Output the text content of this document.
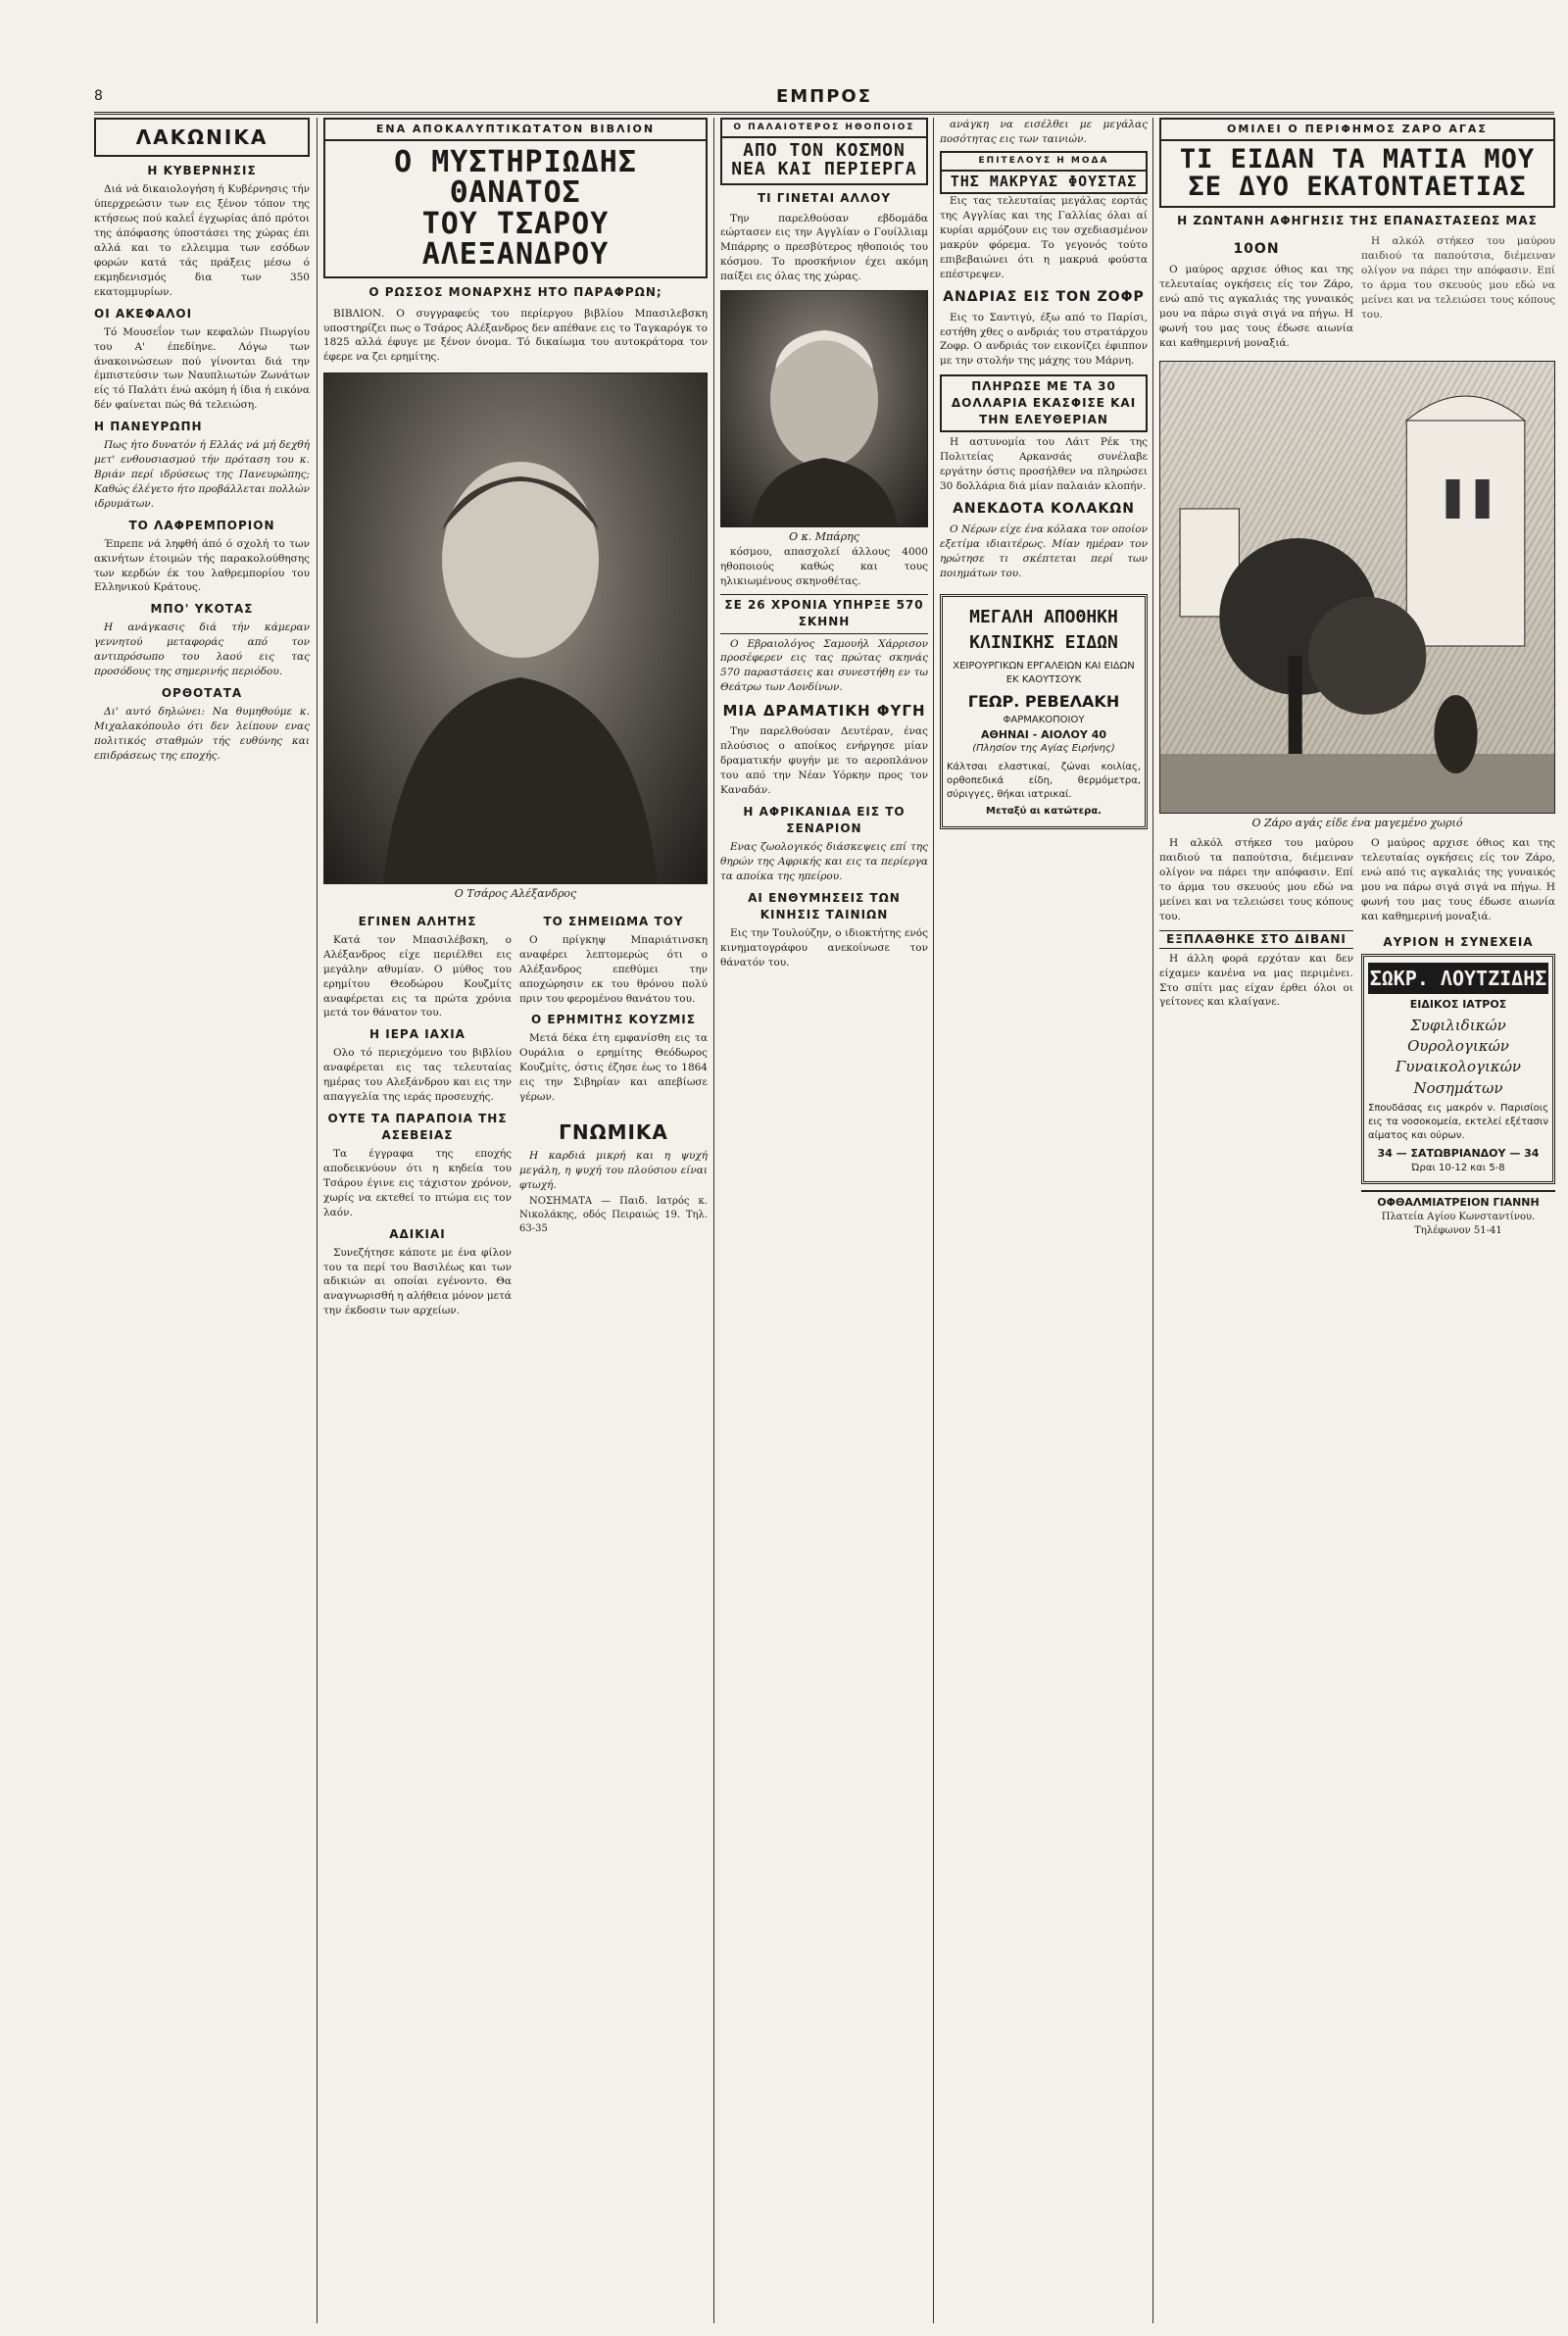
8	ΕΜΠΡΟΣ
ΛΑΚΩΝΙΚΑ
Η ΚΥΒΕΡΝΗΣΙΣ

Διά νά δικαιολογήση ή Κυβέρνησις τήν ύπερχρεώσιν των εις ξένον τόπον της κτήσεως πού καλεΐ έγχωρίας άπό πρότοι της άπόφασης ύποστάσει της χώρας έπι αλλά και το ελλειμμα των εσόδων φορών κατά τάς πράξεις μέσω ό εκμηδενισμός δια των 350 εκατομμυρίων.

ΟΙ ΑΚΕΦΑΛΟΙ

Τό Μουσεΐον των κεφαλών Πιωργίου του Α' έπεδίηνε. Λόγω των άνακοινώσεων πού γίνονται διά την έμπιστεύσιν των Ναυπλιωτών Ζωνάτων είς τό Παλάτι ένώ ακόμη ή ίδια ή εικόνα δέν φαίνεται πώς θά τελειώση.

Η ΠΑΝΕΥΡΩΠΗ

Πως ήτο δυνατόν ή Ελλάς νά μή δεχθή μετ' ενθουσιασμού τήν πρόταση του κ. Βριάν περί ιδρύσεως της Πανευρώπης; Καθώς έλέγετο ήτο προβάλλεται πολλών ιδρυμάτων.

ΤΟ ΛΑΦΡΕΜΠΟΡΙΟΝ

Έπρεπε νά ληφθή άπό ό σχολή το των ακινήτων έτοιμών τής παρακολούθησης των κερδών έκ του λαθρεμπορίου του Ελληνικού Κράτους.

ΜΠΟ' ΥΚΟΤΑΣ

Η ανάγκασις διά τήν κάμεραν γεννητού μεταφοράς από τον αντιπρόσωπο του λαού εις τας προσόδους της σημερινής περιόδου.

ΟΡΘΟΤΑΤΑ

Δι' αυτό δηλώνει: Να θυμηθούμε κ. Μιχαλακόπουλο ότι δεν λείπουν ενας πολιτικός σταθμών τής ευθύνης και επιδράσεως της εποχής.

ΕΝΑ ΑΠΟΚΑΛΥΠΤΙΚΩΤΑΤΟΝ ΒΙΒΛΙΟΝ
Ο ΜΥΣΤΗΡΙΩΔΗΣ ΘΑΝΑΤΟΣ
ΤΟΥ ΤΣΑΡΟΥ ΑΛΕΞΑΝΔΡΟΥ
Ο ΡΩΣΣΟΣ ΜΟΝΑΡΧΗΣ ΗΤΟ ΠΑΡΑΦΡΩΝ;

ΒΙΒΛΙΟΝ. Ο συγγραφεύς του περίεργου βιβλίου Μπασιλεβσκη υποστηρίζει πως ο Τσάρος Αλέξανδρος δεν απέθανε εις το Ταγκαρόγκ το 1825 αλλά έφυγε με ξένον όνομα. Τό δικαίωμα του αυτοκράτορα τον έφερε να ζει ερημίτης.

Ο Τσάρος Αλέξανδρος
ΕΓΙΝΕΝ ΑΛΗΤΗΣ

Κατά τον Μπασιλέβσκη, ο Αλέξανδρος είχε περιέλθει εις μεγάλην αθυμίαν. Ο μύθος του ερημίτου Θεοδώρου Κουζμίτς αναφέρεται εις τα πρώτα χρόνια μετά τον θάνατον του.

Η ΙΕΡΑ ΙΑΧΙΑ

Ολο τό περιεχόμενο του βιβλίου αναφέρεται εις τας τελευταίας ημέρας του Αλεξάνδρου και εις την απαγγελία της ιεράς προσευχής.

ΟΥΤΕ ΤΑ ΠΑΡΑΠΟΙΑ ΤΗΣ ΑΣΕΒΕΙΑΣ

Τα έγγραφα της εποχής αποδεικνύουν ότι η κηδεία του Τσάρου έγινε εις τάχιστον χρόνον, χωρίς να εκτεθεί το πτώμα εις τον λαόν.

ΑΔΙΚΙΑΙ

Συνεζήτησε κάποτε με ένα φίλον του τα περί του Βασιλέως και των αδικιών αι οποίαι εγένοντο. Θα αναγνωρισθή η αλήθεια μόνον μετά την έκδοσιν των αρχείων.

ΤΟ ΣΗΜΕΙΩΜΑ ΤΟΥ

Ο πρίγκηψ Μπαριάτινσκη αναφέρει λεπτομερώς ότι ο Αλέξανδρος επεθύμει την αποχώρησιν εκ του θρόνου πολύ πριν του φερομένου θανάτου του.

Ο ΕΡΗΜΙΤΗΣ ΚΟΥΖΜΙΣ

Μετά δέκα έτη εμφανίσθη εις τα Ουράλια ο ερημίτης Θεόδωρος Κουζμίτς, όστις έζησε έως το 1864 εις την Σιβηρίαν και απεβίωσε γέρων.

ΓΝΩΜΙΚΑ

Η καρδιά μικρή και η ψυχή μεγάλη, η ψυχή του πλούσιου είναι φτωχή.

ΝΟΣΗΜΑΤΑ — Παιδ. Ιατρός κ. Νικολάκης, οδός Πειραιώς 19. Τηλ. 63-35

Ο ΠΑΛΑΙΟΤΕΡΟΣ ΗΘΟΠΟΙΟΣ
ΑΠΟ ΤΟΝ ΚΟΣΜΟΝ
ΝΕΑ ΚΑΙ ΠΕΡΙΕΡΓΑ
ΤΙ ΓΙΝΕΤΑΙ ΑΛΛΟΥ

Την παρελθούσαν εβδομάδα εώρτασεν εις την Αγγλίαν ο Γουίλλιαμ Μπάρρης ο πρεσβύτερος ηθοποιός του κόσμου. Το προσκήνιον έχει ακόμη παίξει εις όλας της χώρας.

Ο κ. Μπάρης

κόσμου, απασχολεί άλλους 4000 ηθοποιούς καθώς και τους ηλικιωμένους σκηνοθέτας.

ΣΕ 26 ΧΡΟΝΙΑ ΥΠΗΡΞΕ 570 ΣΚΗΝΗ

Ο Εβραιολόγος Σαμουήλ Χάρρισον προσέφερεν εις τας πρώτας σκηνάς 570 παραστάσεις και συνεστήθη εν τω Θεάτρω των Λονδίνων.

ΜΙΑ ΔΡΑΜΑΤΙΚΗ ΦΥΓΗ

Την παρελθούσαν Δευτέραν, ένας πλούσιος ο αποίκος ενήργησε μίαν δραματικήν φυγήν με το αεροπλάνον του από την Νέαν Υόρκην προς τον Καναδάν.

Η ΑΦΡΙΚΑΝΙΔΑ ΕΙΣ ΤΟ ΣΕΝΑΡΙΟΝ

Ενας ζωολογικός διάσκεψεις επί της θηρών της Αφρικής και εις τα περίεργα τα αποίκα της ηπείρου.

ΑΙ ΕΝΘΥΜΗΣΕΙΣ ΤΩΝ ΚΙΝΗΣΙΣ ΤΑΙΝΙΩΝ

Εις την Τουλούζην, ο ιδιοκτήτης ενός κινηματογράφου ανεκοίνωσε τον θάνατόν του.

ανάγκη να εισέλθει με μεγάλας ποσότητας εις των ταινιών.

ΕΠΙΤΕΛΟΥΣ Η ΜΟΔΑ
ΤΗΣ ΜΑΚΡΥΑΣ ΦΟΥΣΤΑΣ

Εις τας τελευταίας μεγάλας εορτάς της Αγγλίας και της Γαλλίας όλαι αί κυρίαι αρμόζουν εις τον σχεδιασμένον μακρύν φόρεμα. Το γεγονός τούτο επιβεβαιώνει ότι η μακρυά φούστα επέστρεψεν.

ΑΝΔΡΙΑΣ ΕΙΣ ΤΟΝ ΖΟΦΡ

Εις το Σαντιγύ, έξω από το Παρίσι, εστήθη χθες ο ανδριάς του στρατάρχου Ζοφρ. Ο ανδριάς τον εικονίζει έφιππον με την στολήν της μάχης του Μάρνη.

ΠΛΗΡΩΣΕ ΜΕ ΤΑ 30 ΔΟΛΛΑΡΙΑ ΕΚΑΣΦΙΣΕ ΚΑΙ ΤΗΝ ΕΛΕΥΘΕΡΙΑΝ

Η αστυνομία του Λάιτ Ρέκ της Πολιτείας Αρκανσάς συνέλαβε εργάτην όστις προσήλθεν να πληρώσει 30 δολλάρια διά μίαν παλαιάν κλοπήν.

ΑΝΕΚΔΟΤΑ ΚΟΛΑΚΩΝ

Ο Νέρων είχε ένα κόλακα τον οποίον εξετίμα ιδιαιτέρως. Μίαν ημέραν τον ηρώτησε τι σκέπτεται περί των ποιημάτων του.

ΜΕΓΑΛΗ ΑΠΟΘΗΚΗ
ΚΛΙΝΙΚΗΣ ΕΙΔΩΝ
ΧΕΙΡΟΥΡΓΙΚΩΝ ΕΡΓΑΛΕΙΩΝ ΚΑΙ ΕΙΔΩΝ ΕΚ ΚΑΟΥΤΣΟΥΚ
ΓΕΩΡ. ΡΕΒΕΛΑΚΗ
ΦΑΡΜΑΚΟΠΟΙΟΥ
ΑΘΗΝΑΙ - ΑΙΟΛΟΥ 40
(Πλησίον της Αγίας Ειρήνης)
Κάλτσαι ελαστικαί, ζώναι κοιλίας, ορθοπεδικά είδη, θερμόμετρα, σύριγγες, θήκαι ιατρικαί.
Μεταξύ αι κατώτερα.
ΟΜΙΛΕΙ Ο ΠΕΡΙΦΗΜΟΣ ΖΑΡΟ ΑΓΑΣ
ΤΙ ΕΙΔΑΝ ΤΑ ΜΑΤΙΑ ΜΟΥ
ΣΕ ΔΥΟ ΕΚΑΤΟΝΤΑΕΤΙΑΣ
Η ΖΩΝΤΑΝΗ ΑΦΗΓΗΣΙΣ ΤΗΣ ΕΠΑΝΑΣΤΑΣΕΩΣ ΜΑΣ
10ΟΝ

Ο μαύρος αρχισε όθιος και της τελευταίας ογκήσεις είς τον Ζάρο, ενώ από τις αγκαλιάς της γυναικός μου να πάρω σιγά σιγά να πήγω. Η φωνή του μας τους έδωσε αιωνία και καθημερινή μοναξιά.

Η αλκόλ στήκεσ του μαύρου παιδιού τα παπούτσια, διέμειναν ολίγον να πάρει την απόφασιν. Επί το άρμα του σκευούς μου εδώ να μείνει και να τελειώσει τους κόπους του.

Ο Ζάρο αγάς είδε ένα μαγεμένο χωριό

Η αλκόλ στήκεσ του μαύρου παιδιού τα παπούτσια, διέμειναν ολίγον να πάρει την απόφασιν. Επί το άρμα του σκευούς μου εδώ να μείνει και να τελειώσει τους κόπους του.

ΕΞΠΛΑΘΗΚΕ ΣΤΟ ΔΙΒΑΝΙ

Η άλλη φορά ερχόταν και δεν είχαμεν κανένα να μας περιμένει. Στο σπίτι μας είχαν έρθει όλοι οι γείτονες και κλαίγανε.

Ο μαύρος αρχισε όθιος και της τελευταίας ογκήσεις είς τον Ζάρο, ενώ από τις αγκαλιάς της γυναικός μου να πάρω σιγά σιγά να πήγω. Η φωνή του μας τους έδωσε αιωνία και καθημερινή μοναξιά.

ΑΥΡΙΟΝ Η ΣΥΝΕΧΕΙΑ
ΣΩΚΡ. ΛΟΥΤΖΙΔΗΣ
ΕΙΔΙΚΟΣ ΙΑΤΡΟΣ
Συφιλιδικών
Ουρολογικών
Γυναικολογικών
Νοσημάτων
Σπουδάσας εις μακρόν ν. Παρισίοις εις τα νοσοκομεία, εκτελεί εξέτασιν αίματος και ούρων.
34 — ΣΑΤΩΒΡΙΑΝΔΟΥ — 34
Ώραι 10-12 και 5-8
ΟΦΘΑΛΜΙΑΤΡΕΙΟΝ ΓΙΑΝΝΗ
Πλατεία Αγίου Κωνσταντίνου. Τηλέφωνον 51-41
